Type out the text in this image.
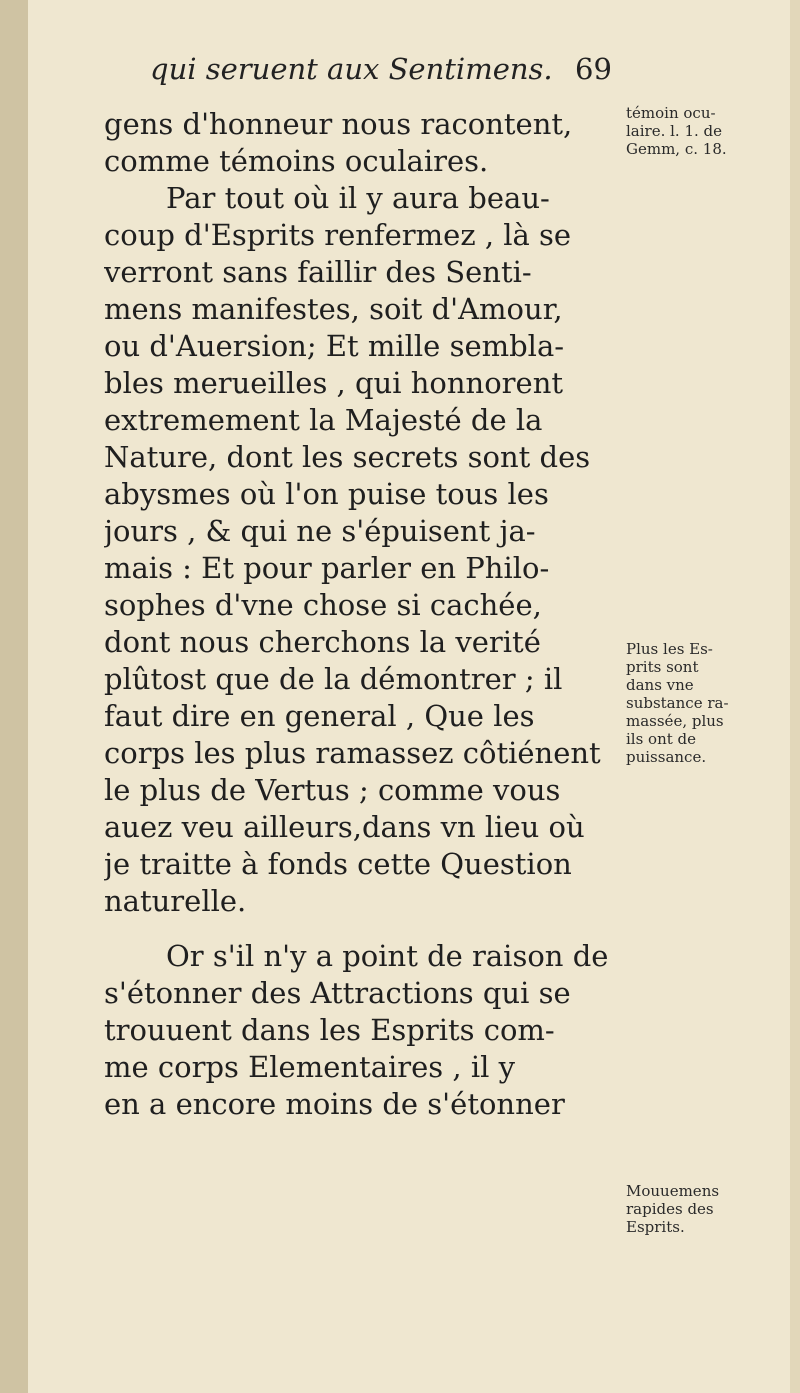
qui seruent aux Sentimens. 69
gens d'honneur nous racontent,
comme témoins oculaires.
Par tout où il y aura beau-
coup d'Esprits renfermez , là se
verront sans faillir des Senti-
mens manifestes, soit d'Amour,
ou d'Auersion; Et mille sembla-
bles merueilles , qui honnorent
extremement la Majesté de la
Nature, dont les secrets sont des
abysmes où l'on puise tous les
jours , & qui ne s'épuisent ja-
mais : Et pour parler en Philo-
sophes d'vne chose si cachée,
dont nous cherchons la verité
plûtost que de la démontrer ; il
faut dire en general , Que les
corps les plus ramassez côtiénent
le plus de Vertus ; comme vous
auez veu ailleurs,dans vn lieu où
je traitte à fonds cette Question
naturelle.
Or s'il n'y a point de raison de
s'étonner des Attractions qui se
trouuent dans les Esprits com-
me corps Elementaires , il y
en a encore moins de s'étonner
témoin ocu-
laire. l. 1. de
Gemm, c. 18.
Plus les Es-
prits sont
dans vne
substance ra-
massée, plus
ils ont de
puissance.
Mouuemens
rapides des
Esprits.
